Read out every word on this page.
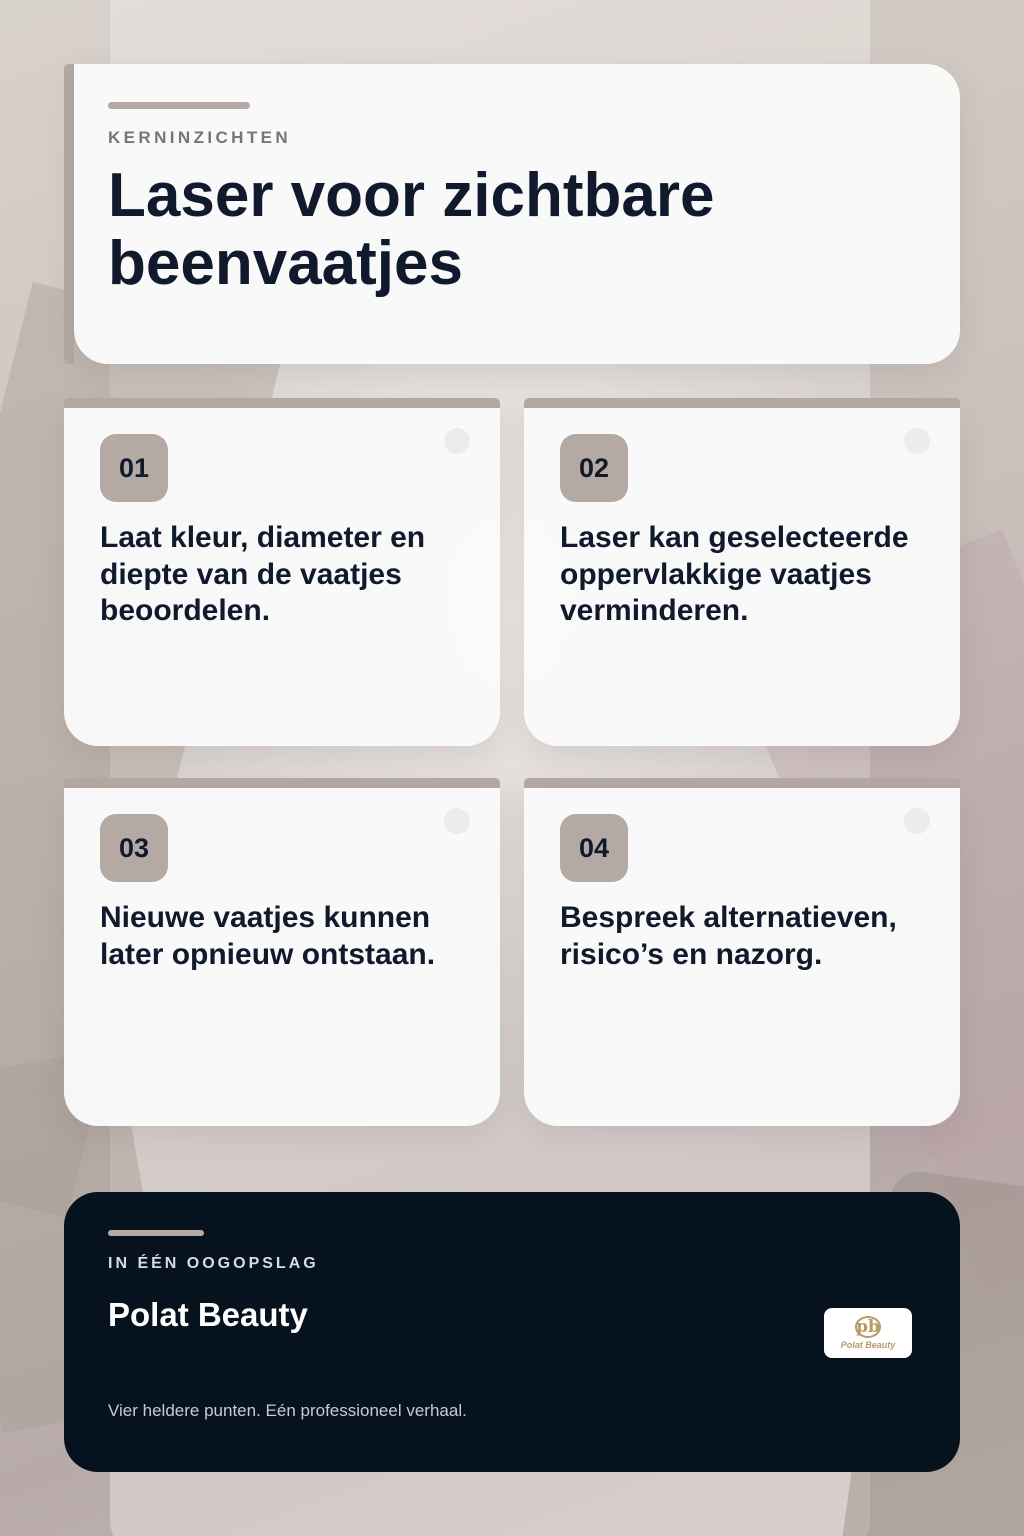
KERNINZICHTEN
Laser voor zichtbare beenvaatjes
01

Laat kleur, diameter en diepte van de vaatjes beoordelen.

02

Laser kan geselecteerde oppervlakkige vaatjes verminderen.

03

Nieuwe vaatjes kunnen later opnieuw ontstaan.

04

Bespreek alternatieven, risico’s en nazorg.

IN ÉÉN OOGOPSLAG
Polat Beauty	pb
Polat Beauty
Vier heldere punten. Eén professioneel verhaal.
